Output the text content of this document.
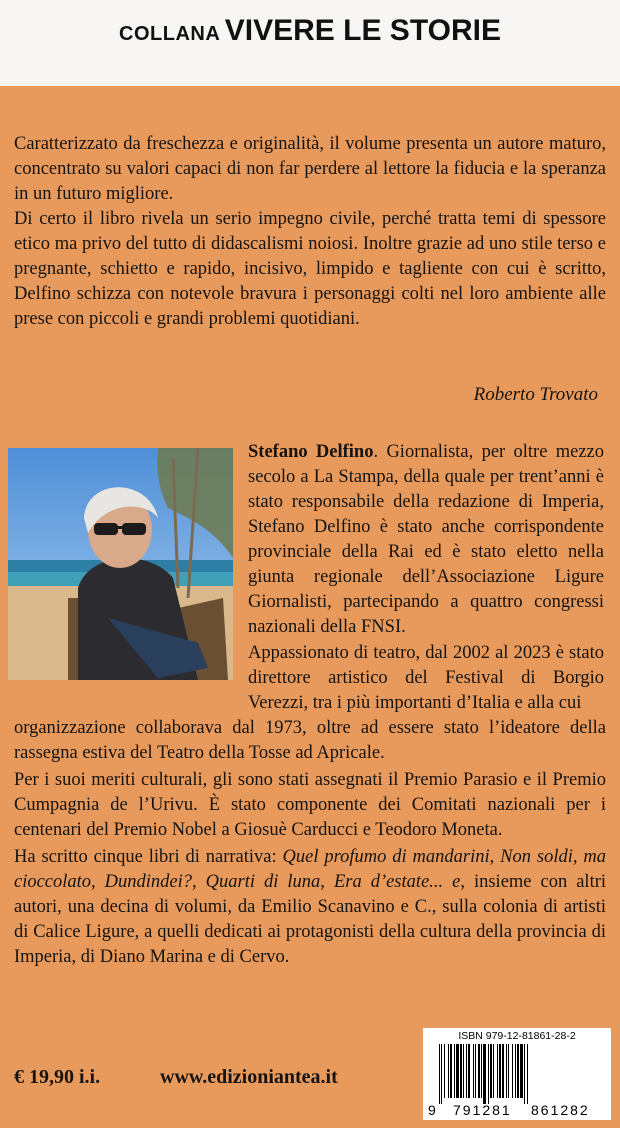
COLLANA VIVERE LE STORIE

Caratterizzato da freschezza e originalità, il volume presenta un autore maturo, concentrato su valori capaci di non far perdere al lettore la fiducia e la speranza in un futuro migliore.

Di certo il libro rivela un serio impegno civile, perché tratta temi di spessore etico ma privo del tutto di didascalismi noiosi. Inoltre grazie ad uno stile terso e pregnante, schietto e rapido, incisivo, limpido e tagliente con cui è scritto, Delfino schizza con notevole bravura i personaggi colti nel loro ambiente alle prese con piccoli e grandi problemi quotidiani.

Roberto Trovato

Stefano Delfino. Giornalista, per oltre mezzo secolo a La Stampa, della quale per trent’anni è stato responsabile della redazione di Imperia, Stefano Delfino è stato anche corrispondente provinciale della Rai ed è stato eletto nella giunta regionale dell’Associazione Ligure Giornalisti, partecipando a quattro congressi nazionali della FNSI.

Appassionato di teatro, dal 2002 al 2023 è stato direttore artistico del Festival di Borgio Verezzi, tra i più importanti d’Italia e alla cui

organizzazione collaborava dal 1973, oltre ad essere stato l’ideatore della rassegna estiva del Teatro della Tosse ad Apricale.

Per i suoi meriti culturali, gli sono stati assegnati il Premio Parasio e il Premio Cumpagnia de l’Urivu. È stato componente dei Comitati nazionali per i centenari del Premio Nobel a Giosuè Carducci e Teodoro Moneta.

Ha scritto cinque libri di narrativa: Quel profumo di mandarini, Non soldi, ma cioccolato, Dundindei?, Quarti di luna, Era d’estate... e, insieme con altri autori, una decina di volumi, da Emilio Scanavino e C., sulla colonia di artisti di Calice Ligure, a quelli dedicati ai protagonisti della cultura della provincia di Imperia, di Diano Marina e di Cervo.

€ 19,90 i.i.	www.edizioniantea.it
ISBN 979-12-81861-28-2
9 791281 861282
